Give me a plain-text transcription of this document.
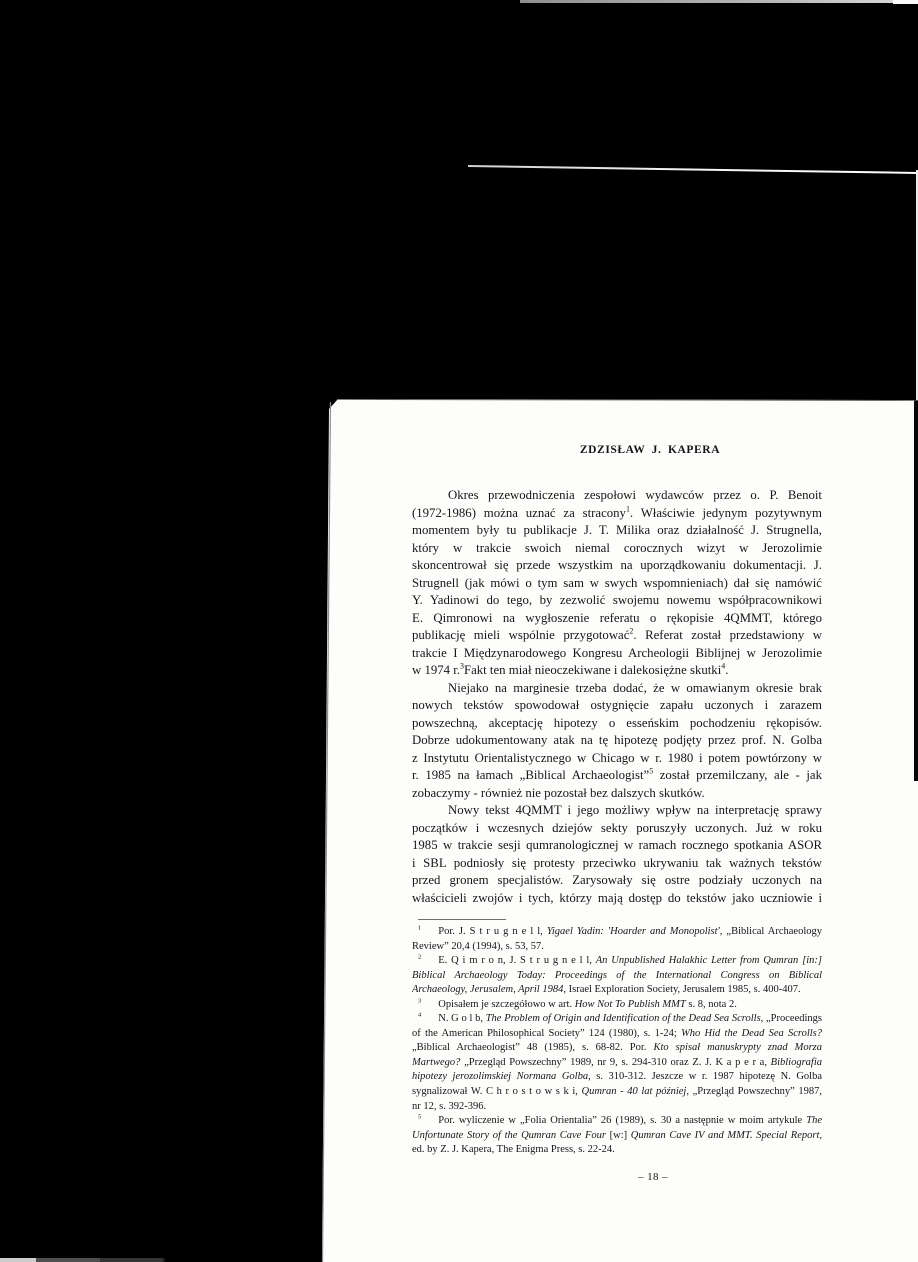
ZDZISŁAW J. KAPERA
Okres przewodniczenia zespołowi wydawców przez o. P. Benoit
(1972-1986) można uznać za stracony$^1$. Właściwie jedynym pozytywnym
momentem były tu publikacje J. T. Milika oraz działalność J. Strugnella,
który w trakcie swoich niemal corocznych wizyt w Jerozolimie
skoncentrował się przede wszystkim na uporządkowaniu dokumentacji. J.
Strugnell (jak mówi o tym sam w swych wspomnieniach) dał się namówić
Y. Yadinowi do tego, by zezwolić swojemu nowemu współpracownikowi
E. Qimronowi na wygłoszenie referatu o rękopisie 4QMMT, którego
publikację mieli wspólnie przygotować$^2$. Referat został przedstawiony w
trakcie I Międzynarodowego Kongresu Archeologii Biblijnej w Jerozolimie
w 1974 r.$^3$Fakt ten miał nieoczekiwane i dalekosiężne skutki$^4$.
Niejako na marginesie trzeba dodać, że w omawianym okresie brak
nowych tekstów spowodował ostygnięcie zapału uczonych i zarazem
powszechną, akceptację hipotezy o esseńskim pochodzeniu rękopisów.
Dobrze udokumentowany atak na tę hipotezę podjęty przez prof. N. Golba
z Instytutu Orientalistycznego w Chicago w r. 1980 i potem powtórzony w
r. 1985 na łamach „Biblical Archaeologist”$^5$ został przemilczany, ale - jak
zobaczymy - również nie pozostał bez dalszych skutków.
Nowy tekst 4QMMT i jego możliwy wpływ na interpretację sprawy
początków i wczesnych dziejów sekty poruszyły uczonych. Już w roku
1985 w trakcie sesji qumranologicznej w ramach rocznego spotkania ASOR
i SBL podniosły się protesty przeciwko ukrywaniu tak ważnych tekstów
przed gronem specjalistów. Zarysowały się ostre podziały uczonych na
właścicieli zwojów i tych, którzy mają dostęp do tekstów jako uczniowie i
$^1$ Por. J. S t r u g n e l l, Yigael Yadin: 'Hoarder and Monopolist', „Biblical Archaeology
Review” 20,4 (1994), s. 53, 57.
$^2$ E. Q i m r o n, J. S t r u g n e l l, An Unpublished Halakhic Letter from Qumran [in:]
Biblical Archaeology Today: Proceedings of the International Congress on Biblical
Archaeology, Jerusalem, April 1984, Israel Exploration Society, Jerusalem 1985, s. 400-407.
$^3$ Opisałem je szczegółowo w art. How Not To Publish MMT s. 8, nota 2.
$^4$ N. G o l b, The Problem of Origin and Identification of the Dead Sea Scrolls, „Proceedings
of the American Philosophical Society” 124 (1980), s. 1-24; Who Hid the Dead Sea Scrolls?
„Biblical Archaeologist” 48 (1985), s. 68-82. Por. Kto spisał manuskrypty znad Morza
Martwego? „Przegląd Powszechny” 1989, nr 9, s. 294-310 oraz Z. J. K a p e r a, Bibliografia
hipotezy jerozolimskiej Normana Golba, s. 310-312. Jeszcze w r. 1987 hipotezę N. Golba
sygnalizował W. C h r o s t o w s k i, Qumran - 40 lat później, „Przegląd Powszechny” 1987,
nr 12, s. 392-396.
$^5$ Por. wyliczenie w „Folia Orientalia” 26 (1989), s. 30 a następnie w moim artykule The
Unfortunate Story of the Qumran Cave Four [w:] Qumran Cave IV and MMT. Special Report,
ed. by Z. J. Kapera, The Enigma Press, s. 22-24.
– 18 –
